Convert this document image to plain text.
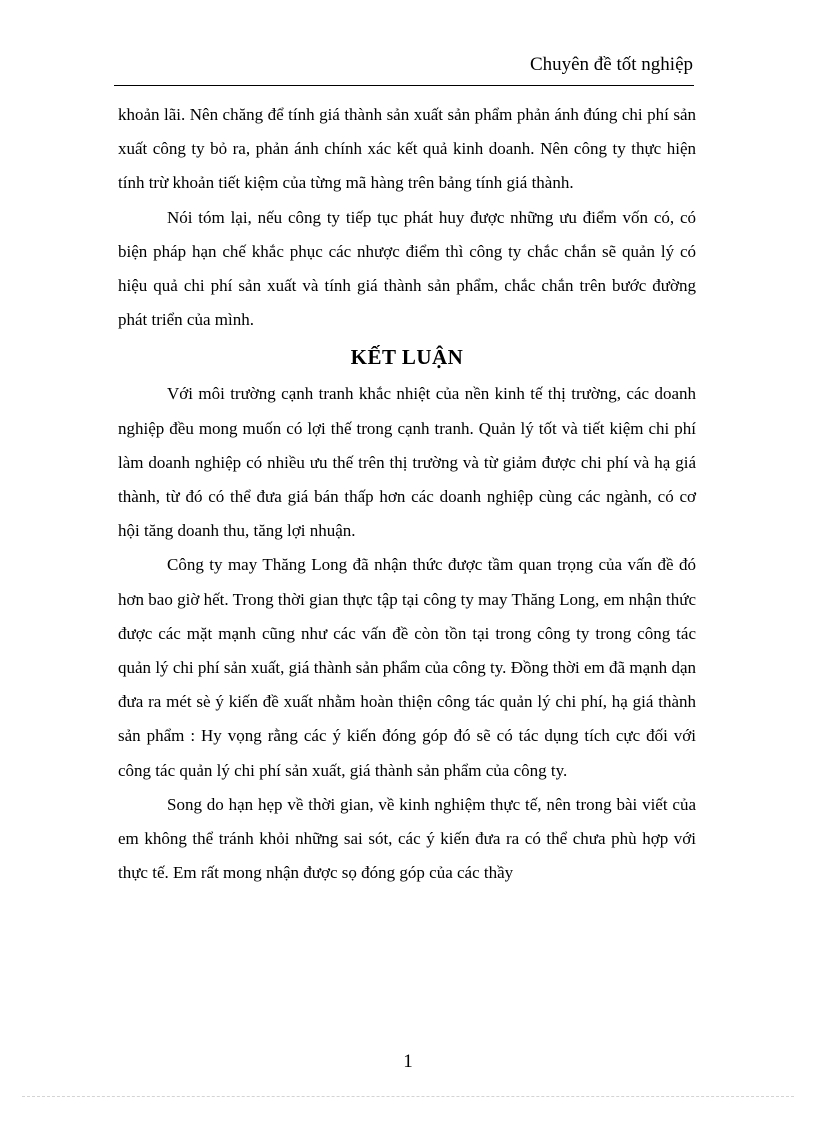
Chuyên đề tốt nghiệp

khoản lãi. Nên chăng để tính giá thành sản xuất sản phẩm phản ánh đúng chi phí sản xuất công ty bỏ ra, phản ánh chính xác kết quả kinh doanh. Nên công ty thực hiện tính trừ khoản tiết kiệm của từng mã hàng trên bảng tính giá thành.

Nói tóm lại, nếu công ty tiếp tục phát huy được những ưu điểm vốn có, có biện pháp hạn chế khắc phục các nhược điểm thì công ty chắc chắn sẽ quản lý có hiệu quả chi phí sản xuất và tính giá thành sản phẩm, chắc chắn trên bước đường phát triển của mình.

KẾT LUẬN

Với môi trường cạnh tranh khắc nhiệt của nền kinh tế thị trường, các doanh nghiệp đều mong muốn có lợi thế trong cạnh tranh. Quản lý tốt và tiết kiệm chi phí làm doanh nghiệp có nhiều ưu thế trên thị trường và từ giảm được chi phí và hạ giá thành, từ đó có thể đưa giá bán thấp hơn các doanh nghiệp cùng các ngành, có cơ hội tăng doanh thu, tăng lợi nhuận.

Công ty may Thăng Long đã nhận thức được tầm quan trọng của vấn đề đó hơn bao giờ hết. Trong thời gian thực tập tại công ty may Thăng Long, em nhận thức được các mặt mạnh cũng như các vấn đề còn tồn tại trong công ty trong công tác quản lý chi phí sản xuất, giá thành sản phẩm của công ty. Đồng thời em đã mạnh dạn đưa ra mét sè ý kiến đề xuất nhằm hoàn thiện công tác quản lý chi phí, hạ giá thành sản phẩm : Hy vọng rằng các ý kiến đóng góp đó sẽ có tác dụng tích cực đối với công tác quản lý chi phí sản xuất, giá thành sản phẩm của công ty.

Song do hạn hẹp về thời gian, về kinh nghiệm thực tế, nên trong bài viết của em không thể tránh khỏi những sai sót, các ý kiến đưa ra có thể chưa phù hợp với thực tế. Em rất mong nhận được sọ đóng góp của các thầy

1
